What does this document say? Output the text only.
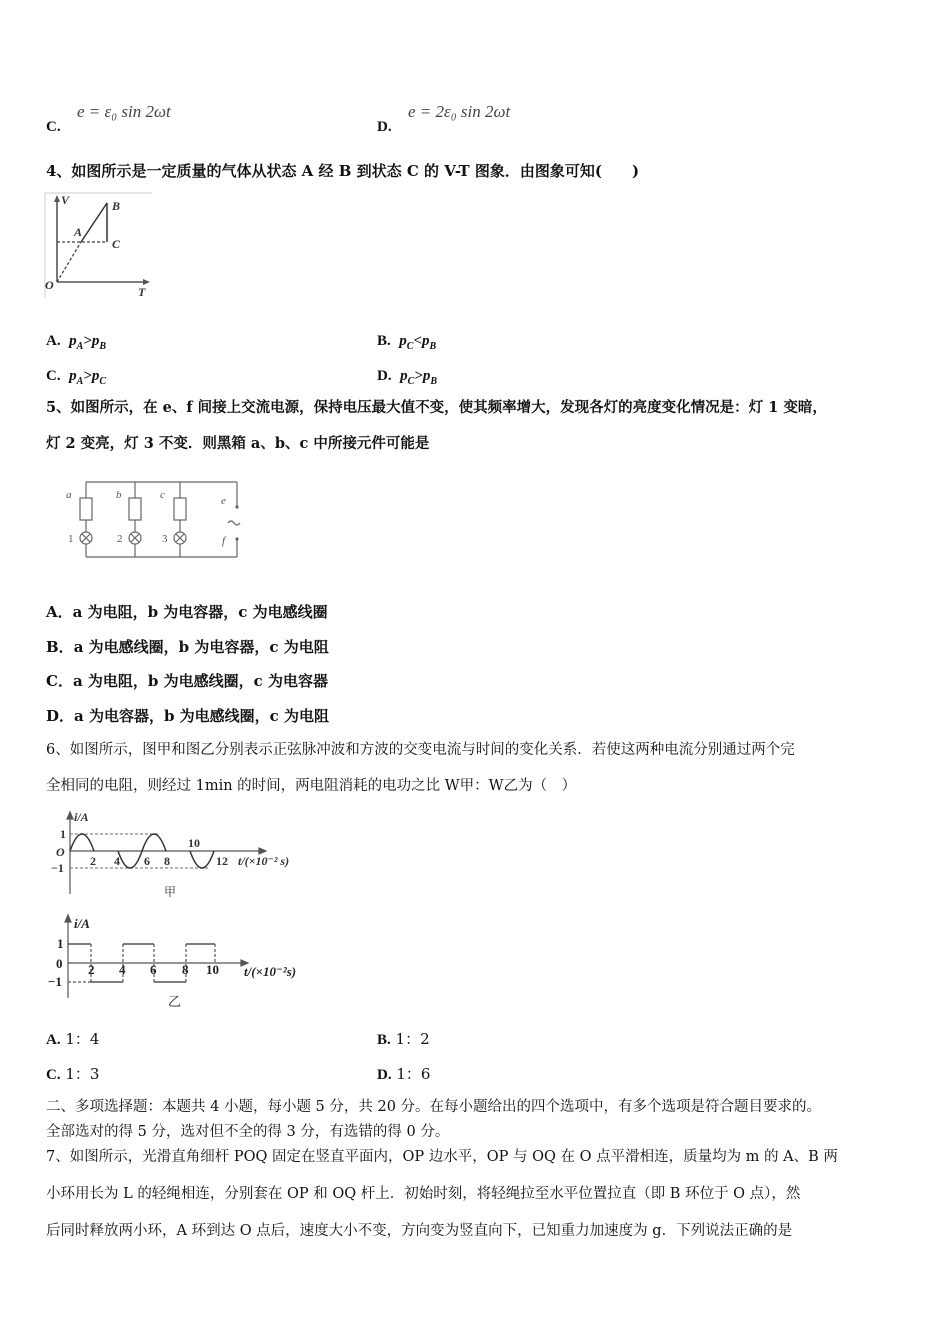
C.
e = ε₀ sin 2ωt
D.
e = 2ε₀ sin 2ωt
4、如图所示是一定质量的气体从状态 A 经 B 到状态 C 的 V-T 图象．由图象可知(　　)
V	B
A
C
O	T
A.  $p_A>p_B$	B.  $p_C<p_B$
C.  $p_A>p_C$	D.  $p_C>p_B$
5、如图所示，在 e、f 间接上交流电源，保持电压最大值不变，使其频率增大，发现各灯的亮度变化情况是：灯 1 变暗，
灯 2 变亮，灯 3 不变．则黑箱 a、b、c 中所接元件可能是
a	b	c	e
f
1	2	3
A．a 为电阻，b 为电容器，c 为电感线圈
B．a 为电感线圈，b 为电容器，c 为电阻
C．a 为电阻，b 为电感线圈，c 为电容器
D．a 为电容器，b 为电感线圈，c 为电阻
6、如图所示，图甲和图乙分别表示正弦脉冲波和方波的交变电流与时间的变化关系．若使这两种电流分别通过两个完
全相同的电阻，则经过 1min 的时间，两电阻消耗的电功之比 W甲：W乙为（　）
i/A
1
O
−1 2 4 6 8
10
12 t/(×10⁻² s)
甲
i/A
1
0
−1
2 4 6 8 10 t/(×10⁻²s)
乙
A. 1：4	B. 1：2
C. 1：3	D. 1：6
二、多项选择题：本题共 4 小题，每小题 5 分，共 20 分。在每小题给出的四个选项中，有多个选项是符合题目要求的。
全部选对的得 5 分，选对但不全的得 3 分，有选错的得 0 分。
7、如图所示，光滑直角细杆 POQ 固定在竖直平面内，OP 边水平，OP 与 OQ 在 O 点平滑相连，质量均为 m 的 A、B 两
小环用长为 L 的轻绳相连，分别套在 OP 和 OQ 杆上．初始时刻，将轻绳拉至水平位置拉直（即 B 环位于 O 点），然
后同时释放两小环，A 环到达 O 点后，速度大小不变，方向变为竖直向下，已知重力加速度为 g．下列说法正确的是
